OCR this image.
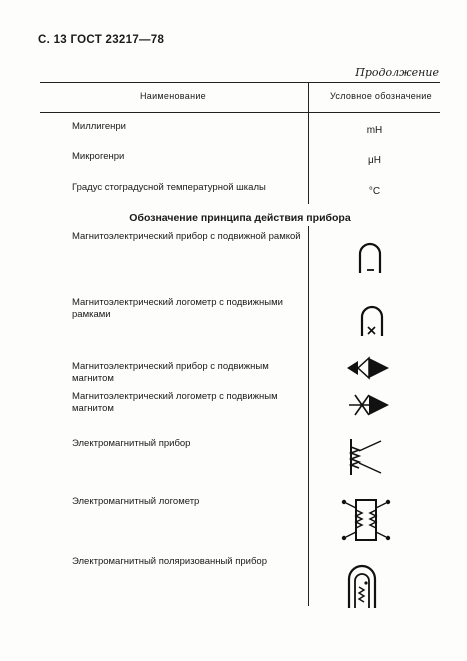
С. 13 ГОСТ 23217—78
Продолжение
Наименование	Условное обозначение
Миллигенри	mH
Микрогенри	μH
Градус стоградусной температурной шкалы	°C
Обозначение принципа действия прибора
Магнитоэлектрический прибор с подвижной рамкой
Магнитоэлектрический логометр с подвижными рамками
Магнитоэлектрический прибор с подвижным магнитом
Магнитоэлектрический логометр с подвижным магнитом
Электромагнитный прибор
Электромагнитный логометр
Электромагнитный поляризованный прибор
